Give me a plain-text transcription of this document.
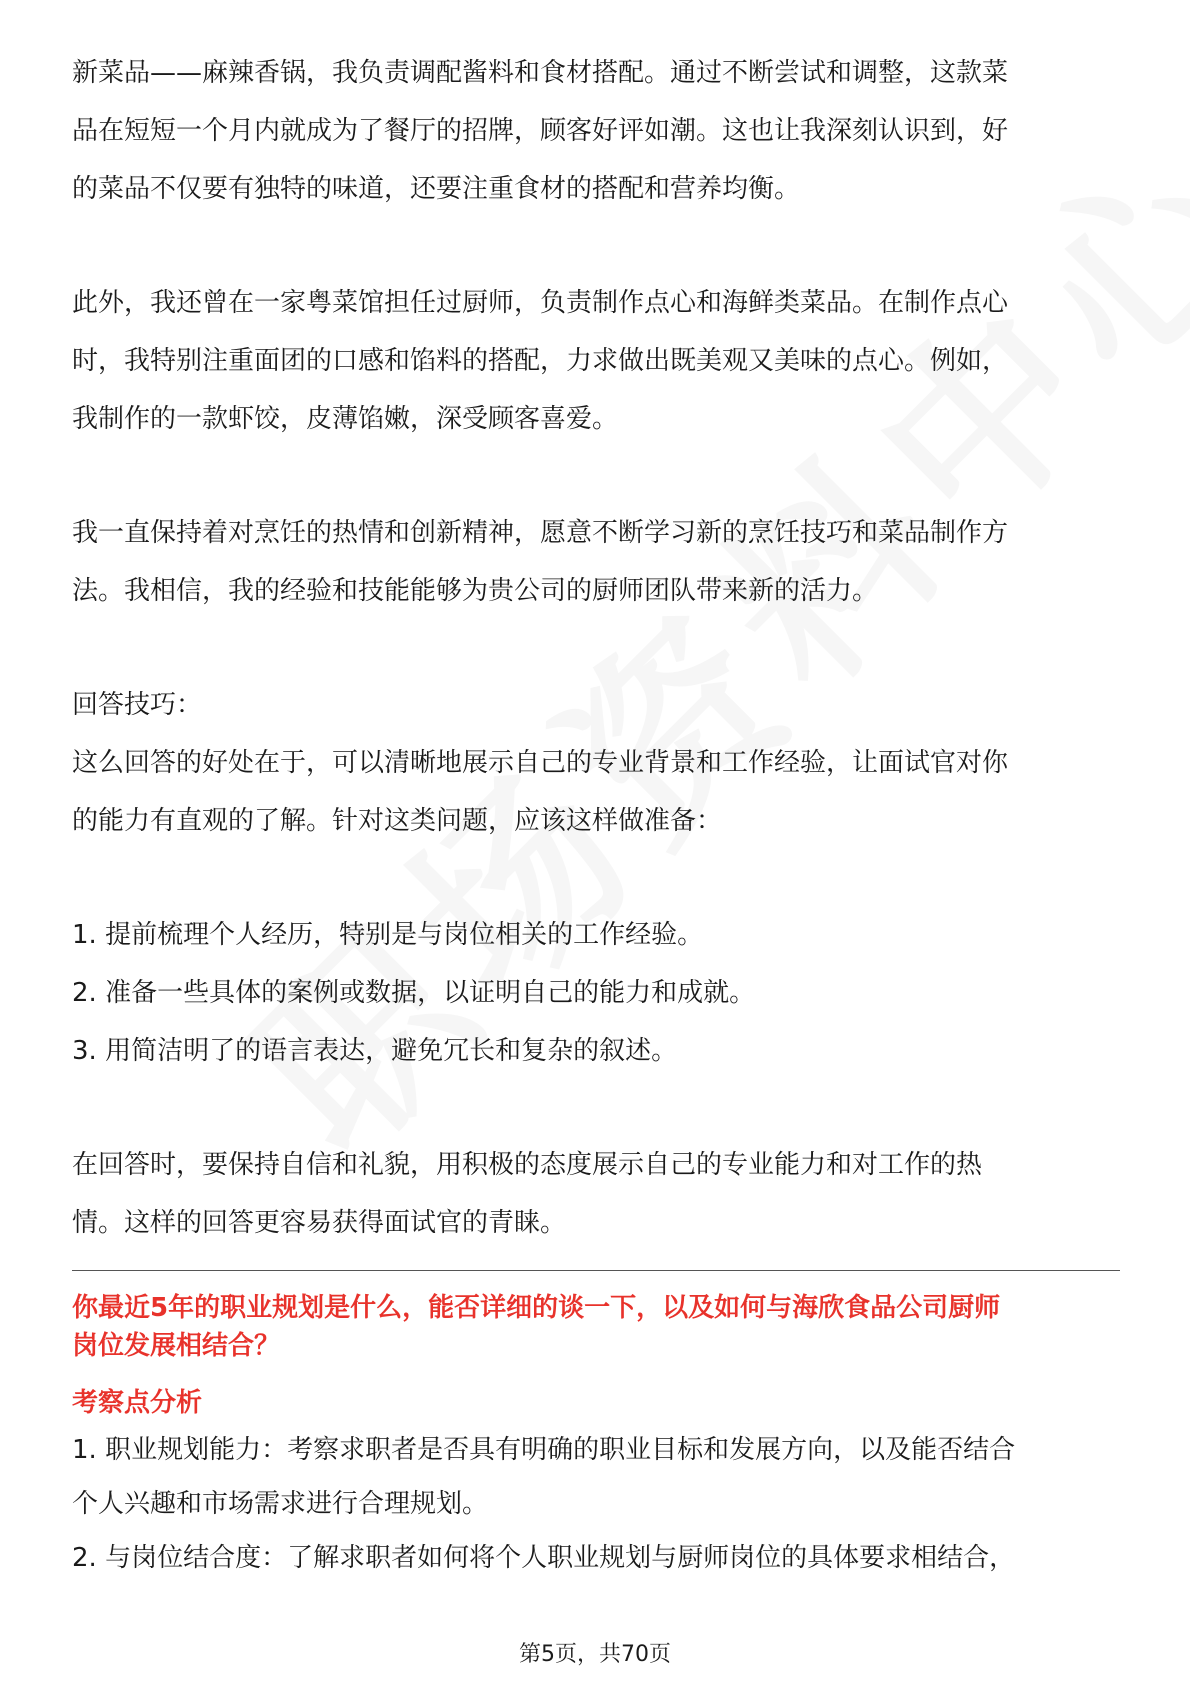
新菜品——麻辣香锅，我负责调配酱料和食材搭配。通过不断尝试和调整，这款菜

品在短短一个月内就成为了餐厅的招牌，顾客好评如潮。这也让我深刻认识到，好

的菜品不仅要有独特的味道，还要注重食材的搭配和营养均衡。

此外，我还曾在一家粤菜馆担任过厨师，负责制作点心和海鲜类菜品。在制作点心

时，我特别注重面团的口感和馅料的搭配，力求做出既美观又美味的点心。例如，

我制作的一款虾饺，皮薄馅嫩，深受顾客喜爱。

我一直保持着对烹饪的热情和创新精神，愿意不断学习新的烹饪技巧和菜品制作方

法。我相信，我的经验和技能能够为贵公司的厨师团队带来新的活力。

回答技巧：

这么回答的好处在于，可以清晰地展示自己的专业背景和工作经验，让面试官对你

的能力有直观的了解。针对这类问题，应该这样做准备：

1. 提前梳理个人经历，特别是与岗位相关的工作经验。

2. 准备一些具体的案例或数据，以证明自己的能力和成就。

3. 用简洁明了的语言表达，避免冗长和复杂的叙述。

在回答时，要保持自信和礼貌，用积极的态度展示自己的专业能力和对工作的热

情。这样的回答更容易获得面试官的青睐。

你最近5年的职业规划是什么，能否详细的谈一下，以及如何与海欣食品公司厨师
岗位发展相结合？
考察点分析

1. 职业规划能力：考察求职者是否具有明确的职业目标和发展方向，以及能否结合

个人兴趣和市场需求进行合理规划。

2. 与岗位结合度：了解求职者如何将个人职业规划与厨师岗位的具体要求相结合，

第5页，共70页
